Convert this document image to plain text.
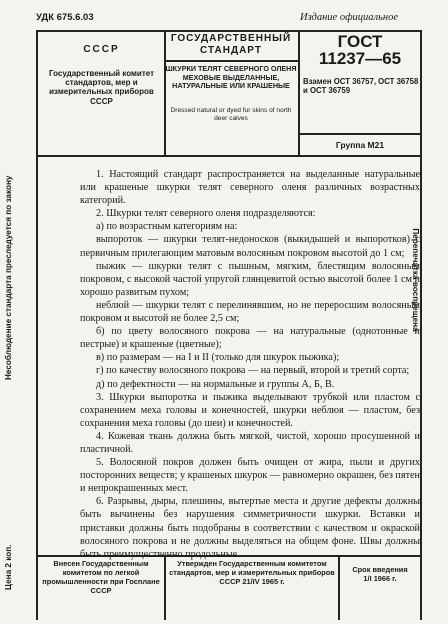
УДК 675.6.03	Издание официальное
СССР
Государственный комитет стандартов, мер и измерительных приборов СССР
ГОСУДАРСТВЕННЫЙ СТАНДАРТ
ШКУРКИ ТЕЛЯТ СЕВЕРНОГО ОЛЕНЯ МЕХОВЫЕ ВЫДЕЛАННЫЕ, НАТУРАЛЬНЫЕ ИЛИ КРАШЕНЫЕ
Dressed natural or dyed fur skins of north deer calves
ГОСТ
11237—65
Взамен ОСТ 36757, ОСТ 36758 и ОСТ 36759
Группа М21

1. Настоящий стандарт распространяется на выделанные натуральные или крашеные шкурки телят северного оленя различных возрастных категорий.

2. Шкурки телят северного оленя подразделяются:

а) по возрастным категориям на:

выпороток — шкурки телят-недоносков (выкидышей и выпоротков) с первичным прилегающим матовым волосяным покровом высотой до 1 см;

пыжик — шкурки телят с пышным, мягким, блестящим волосяным покровом, с высокой частой упругой глянцевитой остью высотой более 1 см и хорошо развитым пухом;

неблюй — шкурки телят с перелинявшим, но не переросшим волосяным покровом и высотой не более 2,5 см;

б) по цвету волосяного покрова — на натуральные (однотонные и пестрые) и крашеные (цветные);

в) по размерам — на I и II (только для шкурок пыжика);

г) по качеству волосяного покрова — на первый, второй и третий сорта;

д) по дефектности — на нормальные и группы А, Б, В.

3. Шкурки выпоротка и пыжика выделывают трубкой или пластом с сохранением меха головы и конечностей, шкурки неблюя — пластом, без сохранения меха головы (до шеи) и конечностей.

4. Кожевая ткань должна быть мягкой, чистой, хорошо просушенной и пластичной.

5. Волосяной покров должен быть очищен от жира, пыли и других посторонних веществ; у крашеных шкурок — равномерно окрашен, без пятен и непрокрашенных мест.

6. Разрывы, дыры, плешины, вытертые места и другие дефекты должны быть вычинены без нарушения симметричности шкурки. Вставки и приставки должны быть подобраны в соответствии с качеством и окраской волосяного покрова и не должны выделяться на общем фоне. Швы должны быть преимущественно продольные.

Несоблюдение стандарта преследуется по закону	Перепечатка воспрещена
Цена 2 коп.	Внесен Государственным комитетом по легкой промышленности при Госплане СССР
Утвержден Государственным комитетом стандартов, мер и измерительных приборов СССР 21/IV 1965 г.
Срок введения
1/I 1966 г.
